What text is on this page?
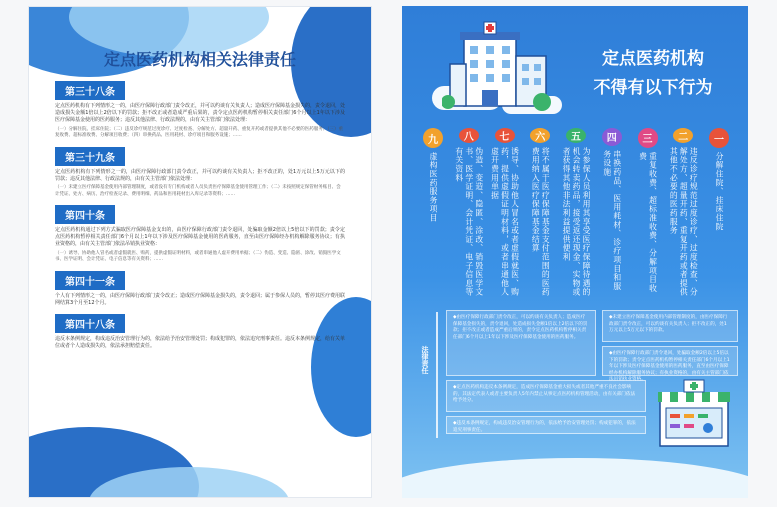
定点医药机构相关法律责任
第三十八条
定点医药机构有下列情形之一的，由医疗保障行政部门责令改正，并可以约谈有关负责人；造成医疗保障基金损失的，责令退回，处造成损失金额1倍以上2倍以下的罚款；拒不改正或者造成严重后果的，责令定点医药机构暂停相关责任部门6个月以上1年以下涉及医疗保障基金使用的医药服务；违反其他法律、行政法规的，由有关主管部门依法处理：
（一）分解住院、挂床住院；（二）违反诊疗规范过度诊疗、过度检查、分解处方、超量开药、重复开药或者提供其他不必要的医药服务；（三）重复收费、超标准收费、分解项目收费；（四）串换药品、医用耗材、诊疗项目和服务设施；……
第三十九条
定点医药机构有下列情形之一的，由医疗保障行政部门责令改正，并可以约谈有关负责人；拒不改正的，处1万元以上5万元以下的罚款；违反其他法律、行政法规的，由有关主管部门依法处理：
（一）未建立医疗保障基金使用内部管理制度，或者没有专门机构或者人员负责医疗保障基金使用管理工作；（二）未按照规定保管财务账目、会计凭证、处方、病历、治疗检查记录、费用明细、药品和医用耗材出入库记录等资料；……
第四十条
定点医药机构通过下列方式骗取医疗保障基金支出的，由医疗保障行政部门责令退回，处骗取金额2倍以上5倍以下的罚款；责令定点医药机构暂停相关责任部门6个月以上1年以下涉及医疗保障基金使用的医药服务，直至由医疗保障经办机构解除服务协议；有执业资格的，由有关主管部门依法吊销执业资格：
（一）诱导、协助他人冒名或者虚假就医、购药，提供虚假证明材料，或者串通他人虚开费用单据；（二）伪造、变造、隐匿、涂改、销毁医学文书、医学证明、会计凭证、电子信息等有关资料；……
第四十一条
个人有下列情形之一的，由医疗保障行政部门责令改正；造成医疗保障基金损失的，责令退回；属于参保人员的，暂停其医疗费用联网结算3个月至12个月。
第四十八条
违反本条例规定，构成违反治安管理行为的，依法给予治安管理处罚；构成犯罪的，依法追究刑事责任。违反本条例规定，给有关单位或者个人造成损失的，依法承担赔偿责任。
定点医药机构
不得有以下行为
九
虚构医药服务项目
八
伪造、变造、隐匿、涂改、销毁医学文书、医学证明、会计凭证、电子信息等有关资料
七
诱导、协助他人冒名或者虚假就医、购药，提供虚假证明材料，或者串通他人虚开费用单据
六
将不属于医疗保障基金支付范围的医药费用纳入医疗保障基金结算
五
为参保人员利用其享受医疗保障待遇的机会转卖药品，接受返还现金、实物或者获得其他非法利益提供便利
四
串换药品、医用耗材、诊疗项目和服务设施
三
重复收费、超标准收费、分解项目收费
二
违反诊疗规范过度诊疗、过度检查、分解处方、超量开药、重复开药或者提供其他不必要的医药服务
一
分解住院、挂床住院
法律责任
◆由医疗保障行政部门责令改正，可以约谈有关负责人；造成医疗保障基金损失的，责令退回，处造成损失金额1倍以上2倍以下的罚款；拒不改正或者造成严重后果的，责令定点医药机构暂停相关责任部门6个月以上1年以下涉及医疗保障基金使用的医药服务。
◆未建立医疗保障基金使用内部管理制度的，由医疗保障行政部门责令改正，可以约谈有关负责人；拒不改正的，处1万元以上5万元以下的罚款。
◆由医疗保障行政部门责令退回，处骗取金额2倍以上5倍以下的罚款；责令定点医药机构暂停相关责任部门6个月以上1年以下涉及医疗保障基金使用的医药服务，直至由医疗保障经办机构解除服务协议；有执业资格的，由有关主管部门依法吊销执业资格。
◆定点医药机构违反本条例规定，造成医疗保障基金重大损失或者其他严重不良社会影响的，其法定代表人或者主要负责人5年内禁止从事定点医药机构管理活动，由有关部门依法给予处分。
◆违反本条例规定，构成违反治安管理行为的，依法给予治安管理处罚；构成犯罪的，依法追究刑事责任。
